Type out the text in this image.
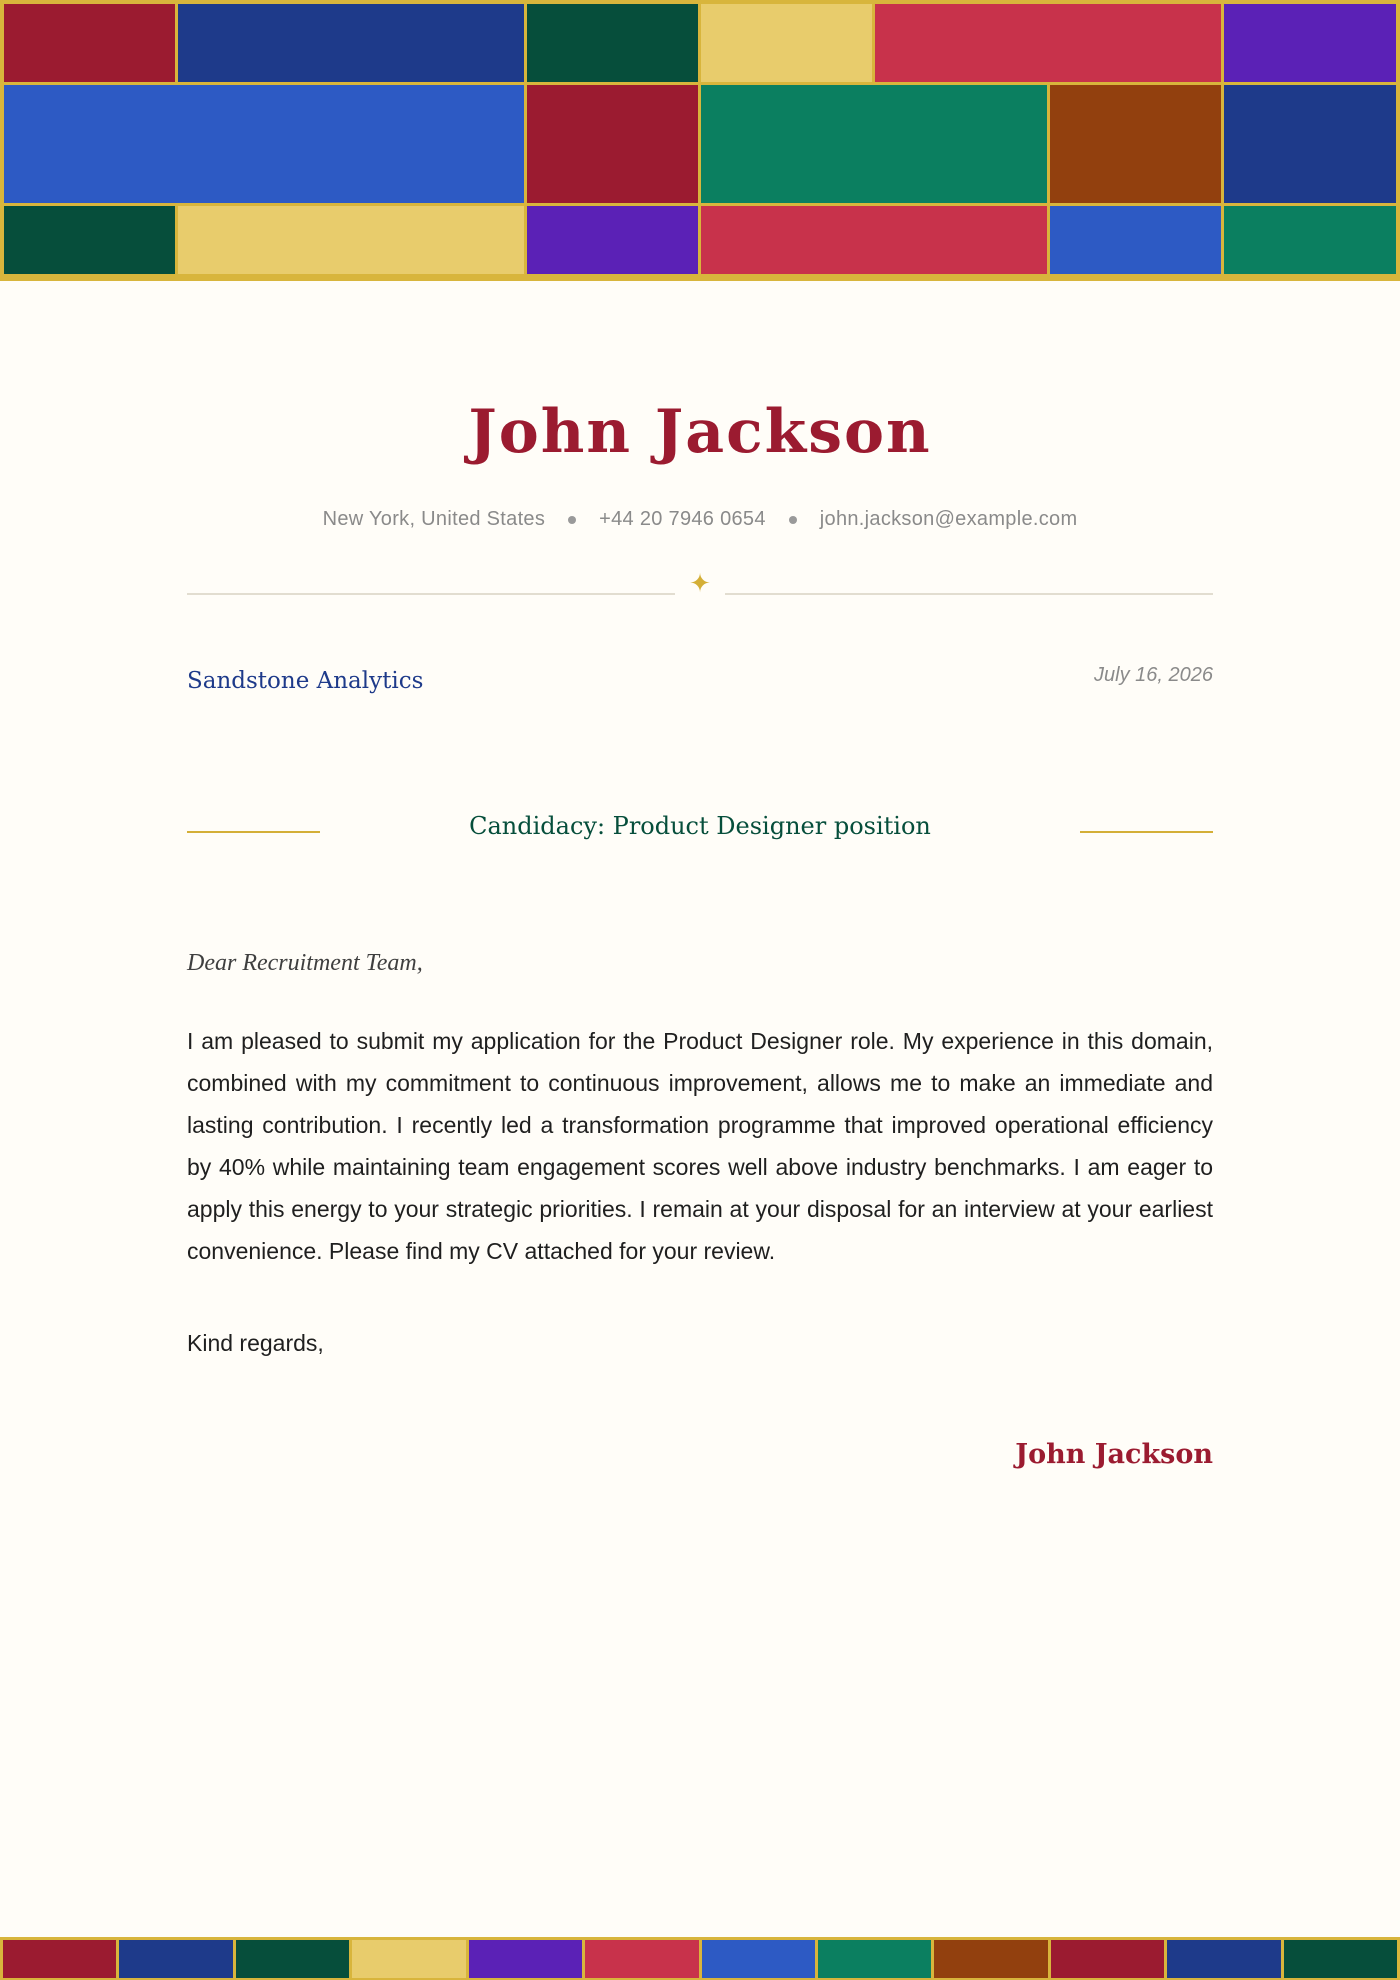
John Jackson
New York, United States	+44 20 7946 0654	john.jackson@example.com
✦
Sandstone Analytics	July 16, 2026
Candidacy: Product Designer position
Dear Recruitment Team,

I am pleased to submit my application for the Product Designer role. My experience in this domain, combined with my commitment to continuous improvement, allows me to make an immediate and lasting contribution. I recently led a transformation programme that improved operational efficiency by 40% while maintaining team engagement scores well above industry benchmarks. I am eager to apply this energy to your strategic priorities. I remain at your disposal for an interview at your earliest convenience. Please find my CV attached for your review.

Kind regards,
John Jackson
